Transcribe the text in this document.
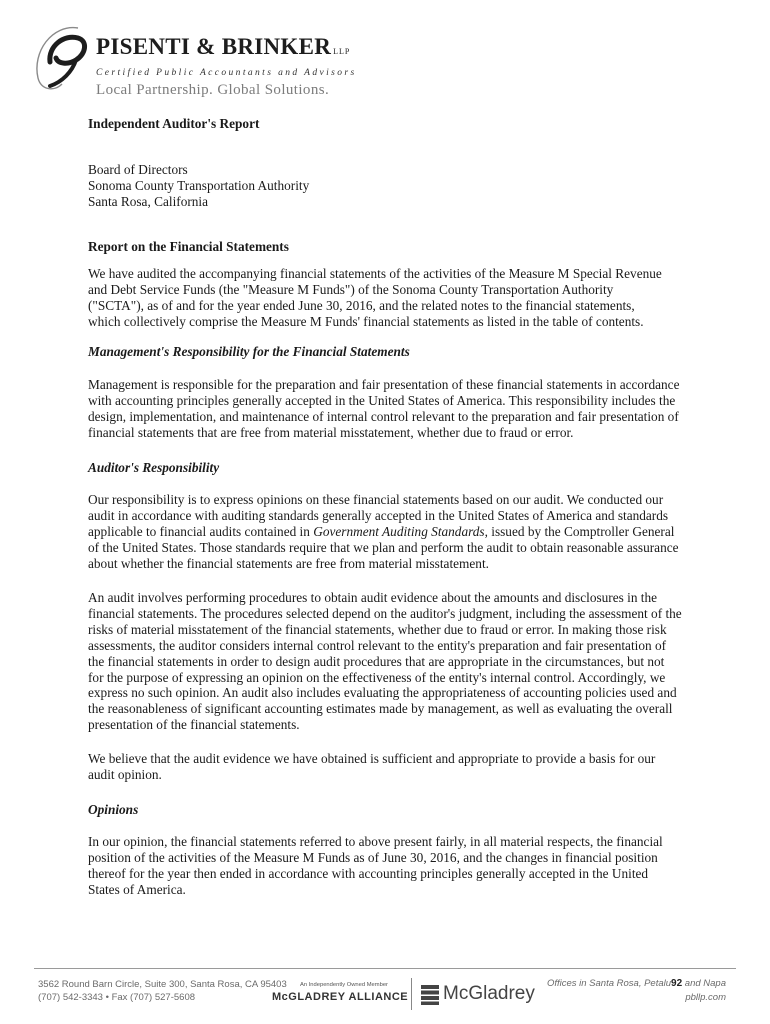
PISENTI & BRINKER LLP
Certified Public Accountants and Advisors
Local Partnership. Global Solutions.
Independent Auditor's Report
Board of Directors
Sonoma County Transportation Authority
Santa Rosa, California
Report on the Financial Statements
We have audited the accompanying financial statements of the activities of the Measure M Special Revenue
and Debt Service Funds (the "Measure M Funds") of the Sonoma County Transportation Authority
("SCTA"), as of and for the year ended June 30, 2016, and the related notes to the financial statements,
which collectively comprise the Measure M Funds' financial statements as listed in the table of contents.
Management's Responsibility for the Financial Statements
Management is responsible for the preparation and fair presentation of these financial statements in accordance
with accounting principles generally accepted in the United States of America. This responsibility includes the
design, implementation, and maintenance of internal control relevant to the preparation and fair presentation of
financial statements that are free from material misstatement, whether due to fraud or error.
Auditor's Responsibility
Our responsibility is to express opinions on these financial statements based on our audit. We conducted our
audit in accordance with auditing standards generally accepted in the United States of America and standards
applicable to financial audits contained in Government Auditing Standards, issued by the Comptroller General
of the United States. Those standards require that we plan and perform the audit to obtain reasonable assurance
about whether the financial statements are free from material misstatement.
An audit involves performing procedures to obtain audit evidence about the amounts and disclosures in the
financial statements. The procedures selected depend on the auditor's judgment, including the assessment of the
risks of material misstatement of the financial statements, whether due to fraud or error. In making those risk
assessments, the auditor considers internal control relevant to the entity's preparation and fair presentation of
the financial statements in order to design audit procedures that are appropriate in the circumstances, but not
for the purpose of expressing an opinion on the effectiveness of the entity's internal control. Accordingly, we
express no such opinion. An audit also includes evaluating the appropriateness of accounting policies used and
the reasonableness of significant accounting estimates made by management, as well as evaluating the overall
presentation of the financial statements.
We believe that the audit evidence we have obtained is sufficient and appropriate to provide a basis for our
audit opinion.
Opinions
In our opinion, the financial statements referred to above present fairly, in all material respects, the financial
position of the activities of the Measure M Funds as of June 30, 2016, and the changes in financial position
thereof for the year then ended in accordance with accounting principles generally accepted in the United
States of America.
3562 Round Barn Circle, Suite 300, Santa Rosa, CA 95403
(707) 542-3343 • Fax (707) 527-5608
An Independently Owned Member
McGLADREY ALLIANCE McGladrey	Offices in Santa Rosa, Petalu92 and Napa
pbllp.com
